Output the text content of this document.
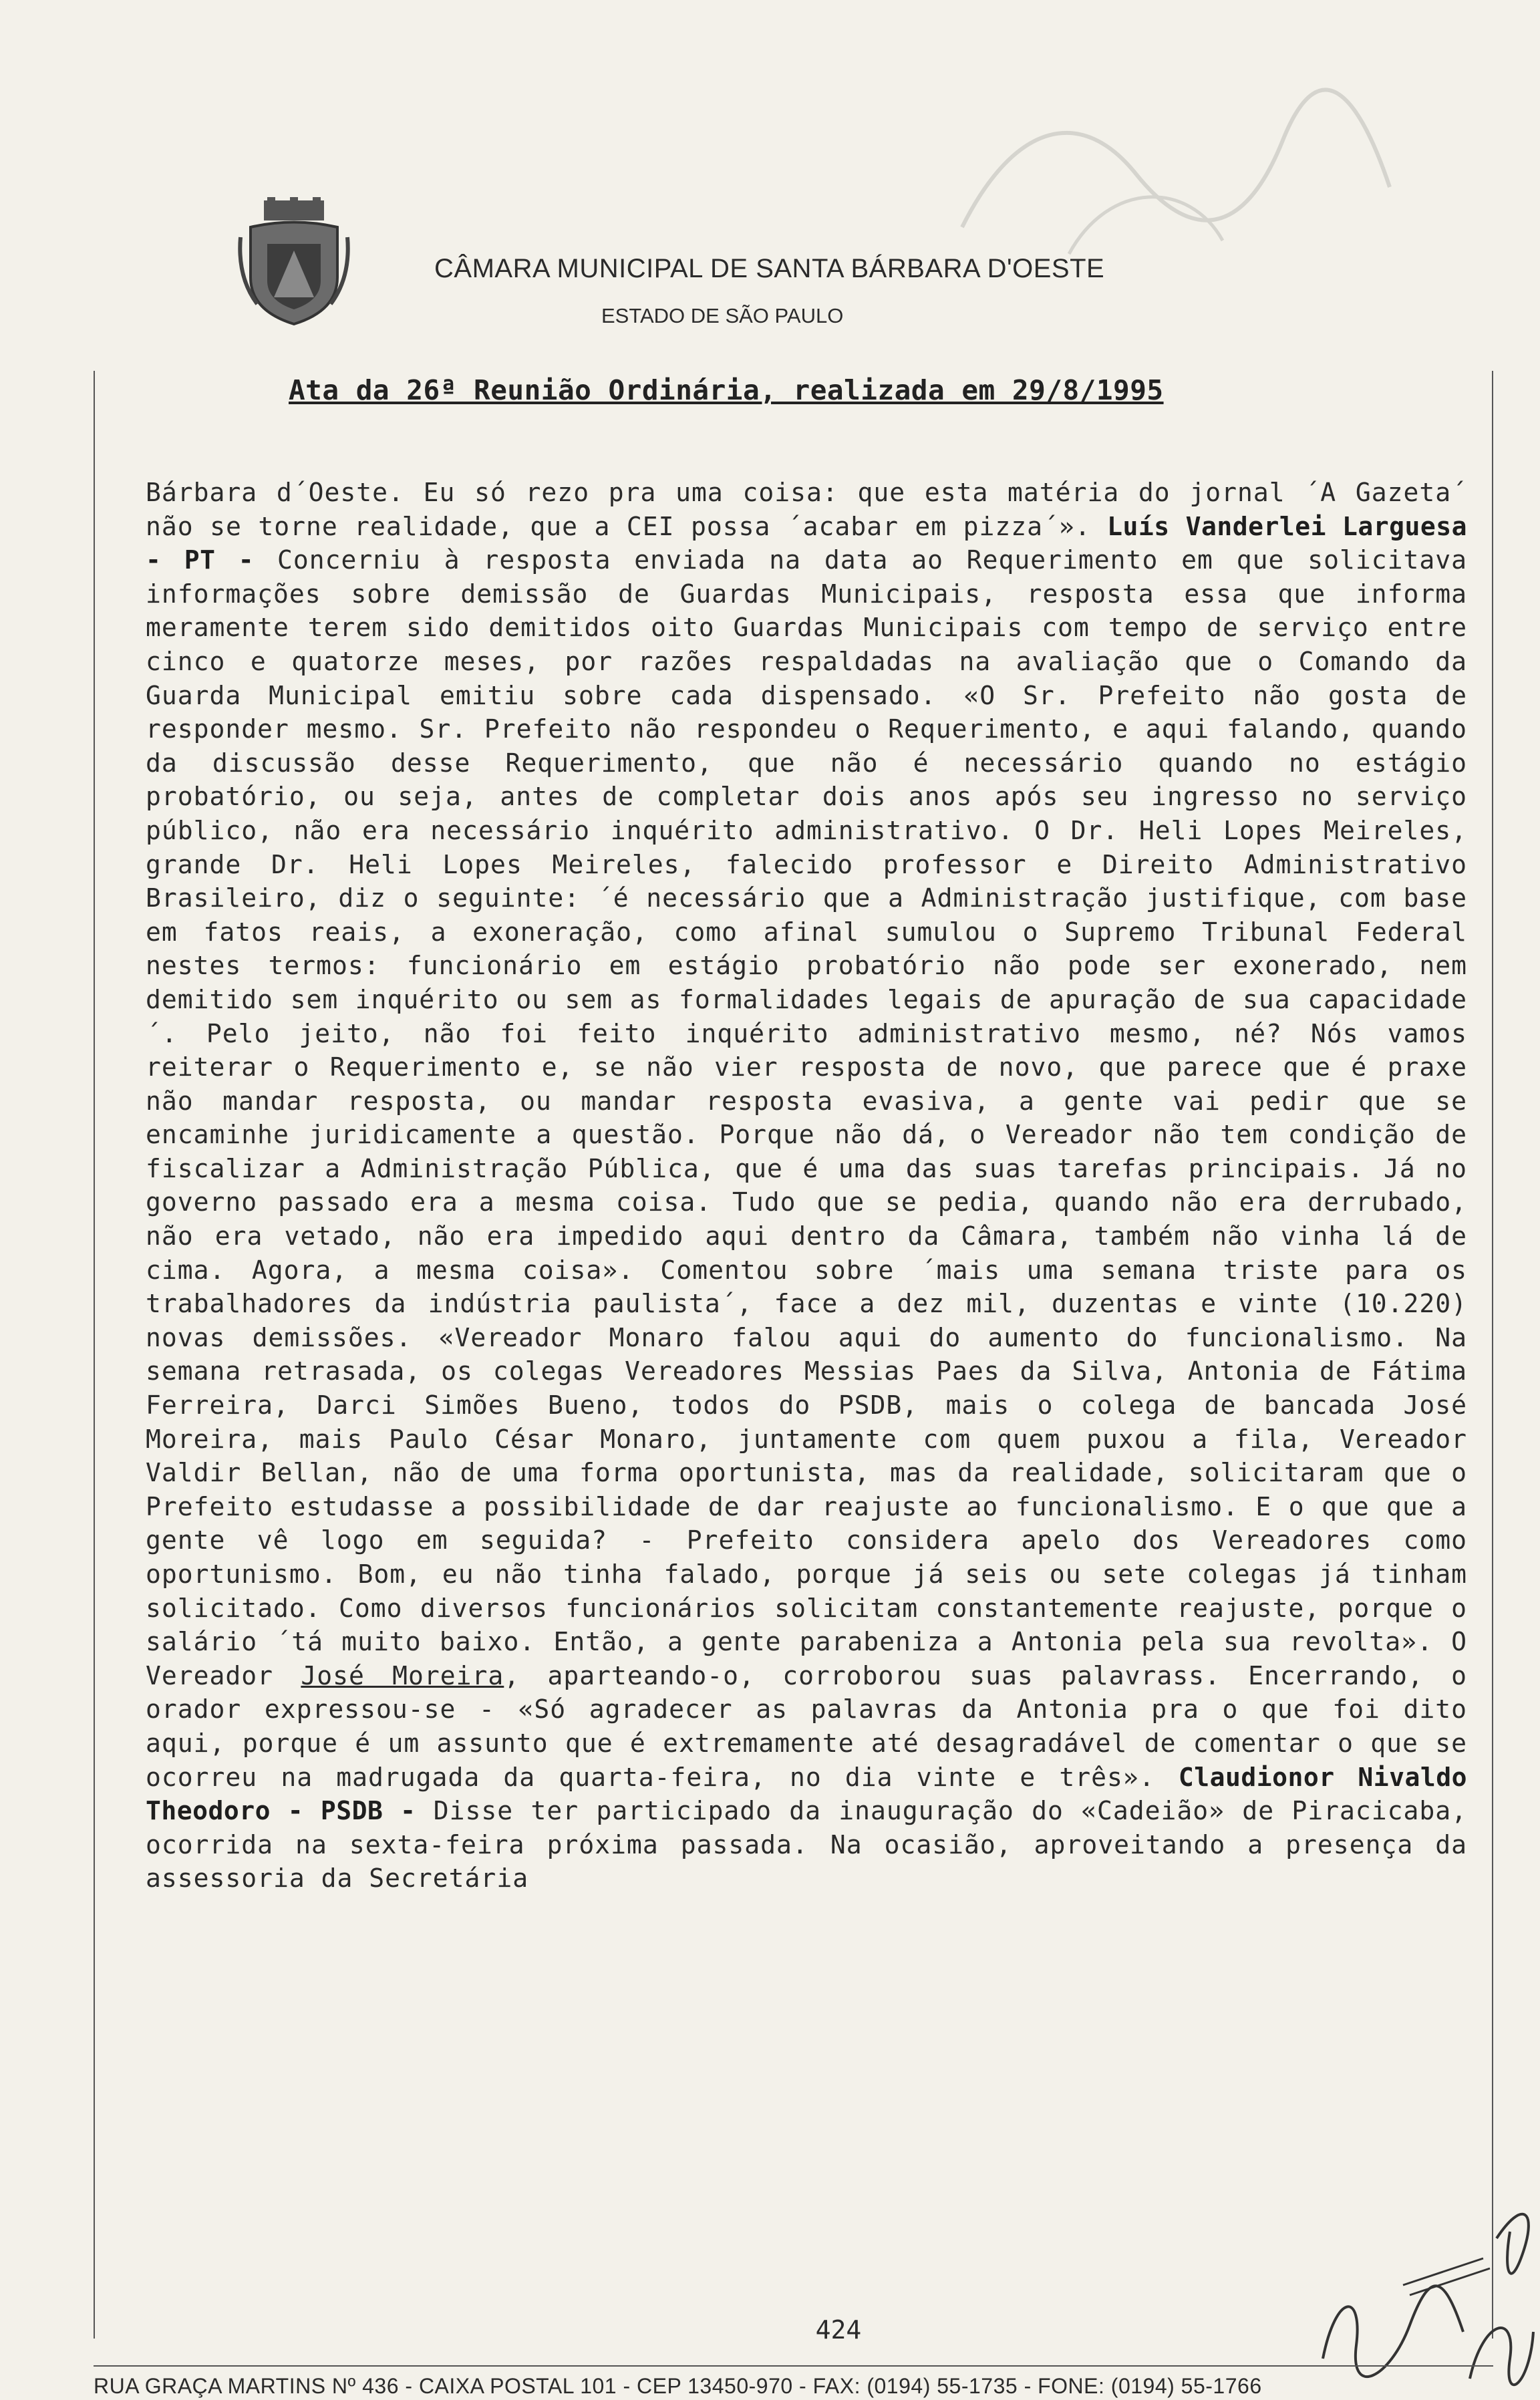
CÂMARA MUNICIPAL DE SANTA BÁRBARA D'OESTE
ESTADO DE SÃO PAULO
Ata da 26ª Reunião Ordinária, realizada em 29/8/1995

Bárbara d´Oeste. Eu só rezo pra uma coisa: que esta matéria do jornal ´A Gazeta´ não se torne realidade, que a CEI possa ´acabar em pizza´». Luís Vanderlei Larguesa - PT - Concerniu à resposta enviada na data ao Requerimento em que solicitava informações sobre demissão de Guardas Municipais, resposta essa que informa meramente terem sido demitidos oito Guardas Municipais com tempo de serviço entre cinco e quatorze meses, por razões respaldadas na avaliação que o Comando da Guarda Municipal emitiu sobre cada dispensado. «O Sr. Prefeito não gosta de responder mesmo. Sr. Prefeito não respondeu o Requerimento, e aqui falando, quando da discussão desse Requerimento, que não é necessário quando no estágio probatório, ou seja, antes de completar dois anos após seu ingresso no serviço público, não era necessário inquérito administrativo. O Dr. Heli Lopes Meireles, grande Dr. Heli Lopes Meireles, falecido professor e Direito Administrativo Brasileiro, diz o seguinte: ´é necessário que a Administração justifique, com base em fatos reais, a exoneração, como afinal sumulou o Supremo Tribunal Federal nestes termos: funcionário em estágio probatório não pode ser exonerado, nem demitido sem inquérito ou sem as formalidades legais de apuração de sua capacidade´. Pelo jeito, não foi feito inquérito administrativo mesmo, né? Nós vamos reiterar o Requerimento e, se não vier resposta de novo, que parece que é praxe não mandar resposta, ou mandar resposta evasiva, a gente vai pedir que se encaminhe juridicamente a questão. Porque não dá, o Vereador não tem condição de fiscalizar a Administração Pública, que é uma das suas tarefas principais. Já no governo passado era a mesma coisa. Tudo que se pedia, quando não era derrubado, não era vetado, não era impedido aqui dentro da Câmara, também não vinha lá de cima. Agora, a mesma coisa». Comentou sobre ´mais uma semana triste para os trabalhadores da indústria paulista´, face a dez mil, duzentas e vinte (10.220) novas demissões. «Vereador Monaro falou aqui do aumento do funcionalismo. Na semana retrasada, os colegas Vereadores Messias Paes da Silva, Antonia de Fátima Ferreira, Darci Simões Bueno, todos do PSDB, mais o colega de bancada José Moreira, mais Paulo César Monaro, juntamente com quem puxou a fila, Vereador Valdir Bellan, não de uma forma oportunista, mas da realidade, solicitaram que o Prefeito estudasse a possibilidade de dar reajuste ao funcionalismo. E o que que a gente vê logo em seguida? - Prefeito considera apelo dos Vereadores como oportunismo. Bom, eu não tinha falado, porque já seis ou sete colegas já tinham solicitado. Como diversos funcionários solicitam constantemente reajuste, porque o salário ´tá muito baixo. Então, a gente parabeniza a Antonia pela sua revolta». O Vereador José Moreira, aparteando-o, corroborou suas palavrass. Encerrando, o orador expressou-se - «Só agradecer as palavras da Antonia pra o que foi dito aqui, porque é um assunto que é extremamente até desagradável de comentar o que se ocorreu na madrugada da quarta-feira, no dia vinte e três». Claudionor Nivaldo Theodoro - PSDB - Disse ter participado da inauguração do «Cadeião» de Piracicaba, ocorrida na sexta-feira próxima passada. Na ocasião, aproveitando a presença da assessoria da Secretária

424
RUA GRAÇA MARTINS Nº 436 - CAIXA POSTAL 101 - CEP 13450-970 - FAX: (0194) 55-1735 - FONE: (0194) 55-1766
